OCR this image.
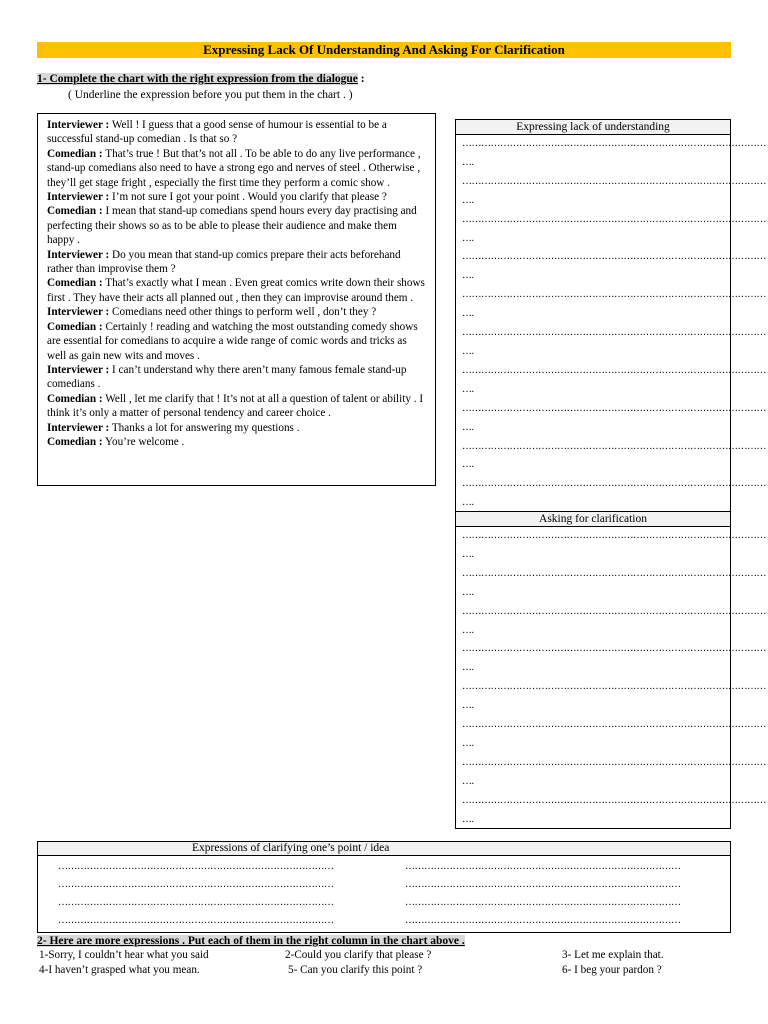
Expressing Lack Of Understanding And Asking For Clarification
1- Complete the chart with the right expression from the dialogue :
( Underline the expression before you put them in the chart . )

Interviewer : Well ! I guess that a good sense of humour is essential to be a successful stand-up comedian . Is that so ?

Comedian : That’s true ! But that’s not all . To be able to do any live performance , stand-up comedians also need to have a strong ego and nerves of steel . Otherwise , they’ll get stage fright , especially the first time they perform a comic show .

Interviewer : I’m not sure I got your point . Would you clarify that please ?

Comedian : I mean that stand-up comedians spend hours every day practising and perfecting their shows so as to be able to please their audience and make them happy .

Interviewer : Do you mean that stand-up comics prepare their acts beforehand rather than improvise them ?

Comedian : That’s exactly what I mean . Even great comics write down their shows first . They have their acts all planned out , then they can improvise around them .

Interviewer : Comedians need other things to perform well , don’t they ?

Comedian : Certainly ! reading and watching the most outstanding comedy shows are essential for comedians to acquire a wide range of comic words and tricks as well as gain new wits and moves .

Interviewer : I can’t understand why there aren’t many famous female stand-up comedians .

Comedian : Well , let me clarify that ! It’s not at all a question of talent or ability . I think it’s only a matter of personal tendency and career choice .

Interviewer : Thanks a lot for answering my questions .

Comedian : You’re welcome .

Expressing lack of understanding
……………………………………………………………………………………
….
……………………………………………………………………………………
….
……………………………………………………………………………………
….
……………………………………………………………………………………
….
……………………………………………………………………………………
….
……………………………………………………………………………………
….
……………………………………………………………………………………
….
……………………………………………………………………………………
….
……………………………………………………………………………………
….
……………………………………………………………………………………
….
Asking for clarification
……………………………………………………………………………………
….
……………………………………………………………………………………
….
……………………………………………………………………………………
….
……………………………………………………………………………………
….
……………………………………………………………………………………
….
……………………………………………………………………………………
….
……………………………………………………………………………………
….
……………………………………………………………………………………
….
Expressions of clarifying one’s point / idea
……………………………………………………………………………
……………………………………………………………………………
……………………………………………………………………………
……………………………………………………………………………
……………………………………………………………………………
……………………………………………………………………………
……………………………………………………………………………
……………………………………………………………………………
2- Here are more expressions . Put each of them in the right column in the chart above .
1-Sorry, I couldn’t hear what you said	2-Could you clarify that please ?	3- Let me explain that.
4-I haven’t grasped what you mean.	5- Can you clarify this point ?	6- I beg your pardon ?
